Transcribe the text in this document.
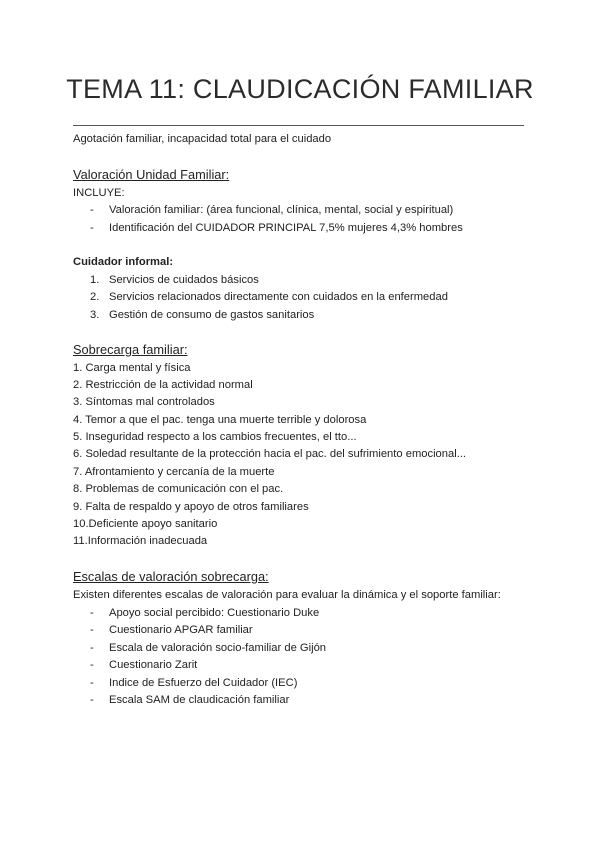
TEMA 11: CLAUDICACIÓN FAMILIAR
Agotación familiar, incapacidad total para el cuidado
Valoración Unidad Familiar:
INCLUYE:
- Valoración familiar: (área funcional, clínica, mental, social y espiritual)
- Identificación del CUIDADOR PRINCIPAL 7,5% mujeres 4,3% hombres
Cuidador informal:
1. Servicios de cuidados básicos
2. Servicios relacionados directamente con cuidados en la enfermedad
3. Gestión de consumo de gastos sanitarios
Sobrecarga familiar:
1. Carga mental y física
2. Restricción de la actividad normal
3. Síntomas mal controlados
4. Temor a que el pac. tenga una muerte terrible y dolorosa
5. Inseguridad respecto a los cambios frecuentes, el tto...
6. Soledad resultante de la protección hacia el pac. del sufrimiento emocional...
7. Afrontamiento y cercanía de la muerte
8. Problemas de comunicación con el pac.
9. Falta de respaldo y apoyo de otros familiares
10.Deficiente apoyo sanitario
11.Información inadecuada
Escalas de valoración sobrecarga:
Existen diferentes escalas de valoración para evaluar la dinámica y el soporte familiar:
- Apoyo social percibido: Cuestionario Duke
- Cuestionario APGAR familiar
- Escala de valoración socio-familiar de Gijón
- Cuestionario Zarit
- Indice de Esfuerzo del Cuidador (IEC)
- Escala SAM de claudicación familiar
